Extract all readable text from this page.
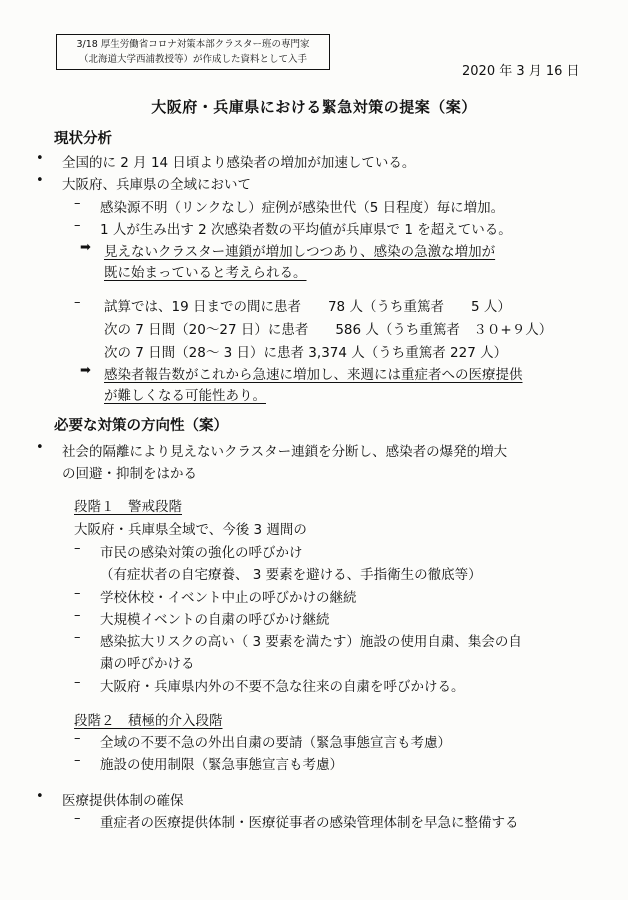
3/18 厚生労働省コロナ対策本部クラスター班の専門家
（北海道大学西浦教授等）が作成した資料として入手
2020 年 3 月 16 日
大阪府・兵庫県における緊急対策の提案（案）
現状分析
• 全国的に 2 月 14 日頃より感染者の増加が加速している。
• 大阪府、兵庫県の全域において
– 感染源不明（リンクなし）症例が感染世代（5 日程度）毎に増加。
– 1 人が生み出す 2 次感染者数の平均値が兵庫県で 1 を超えている。
➡ 見えないクラスター連鎖が増加しつつあり、感染の急激な増加が
既に始まっていると考えられる。
– 試算では、19 日までの間に患者　　78 人（うち重篤者　　5 人）
次の 7 日間（20～27 日）に患者　　586 人（うち重篤者　３０+９人）
次の 7 日間（28～ 3 日）に患者 3,374 人（うち重篤者 227 人）
➡ 感染者報告数がこれから急速に増加し、来週には重症者への医療提供
が難しくなる可能性あり。
必要な対策の方向性（案）
• 社会的隔離により見えないクラスター連鎖を分断し、感染者の爆発的増大
の回避・抑制をはかる
段階１　警戒段階
大阪府・兵庫県全域で、今後 3 週間の
– 市民の感染対策の強化の呼びかけ
（有症状者の自宅療養、 3 要素を避ける、手指衛生の徹底等）
– 学校休校・イベント中止の呼びかけの継続
– 大規模イベントの自粛の呼びかけ継続
– 感染拡大リスクの高い（ 3 要素を満たす）施設の使用自粛、集会の自
粛の呼びかける
– 大阪府・兵庫県内外の不要不急な往来の自粛を呼びかける。
段階２　積極的介入段階
– 全域の不要不急の外出自粛の要請（緊急事態宣言も考慮）
– 施設の使用制限（緊急事態宣言も考慮）
• 医療提供体制の確保
– 重症者の医療提供体制・医療従事者の感染管理体制を早急に整備する
